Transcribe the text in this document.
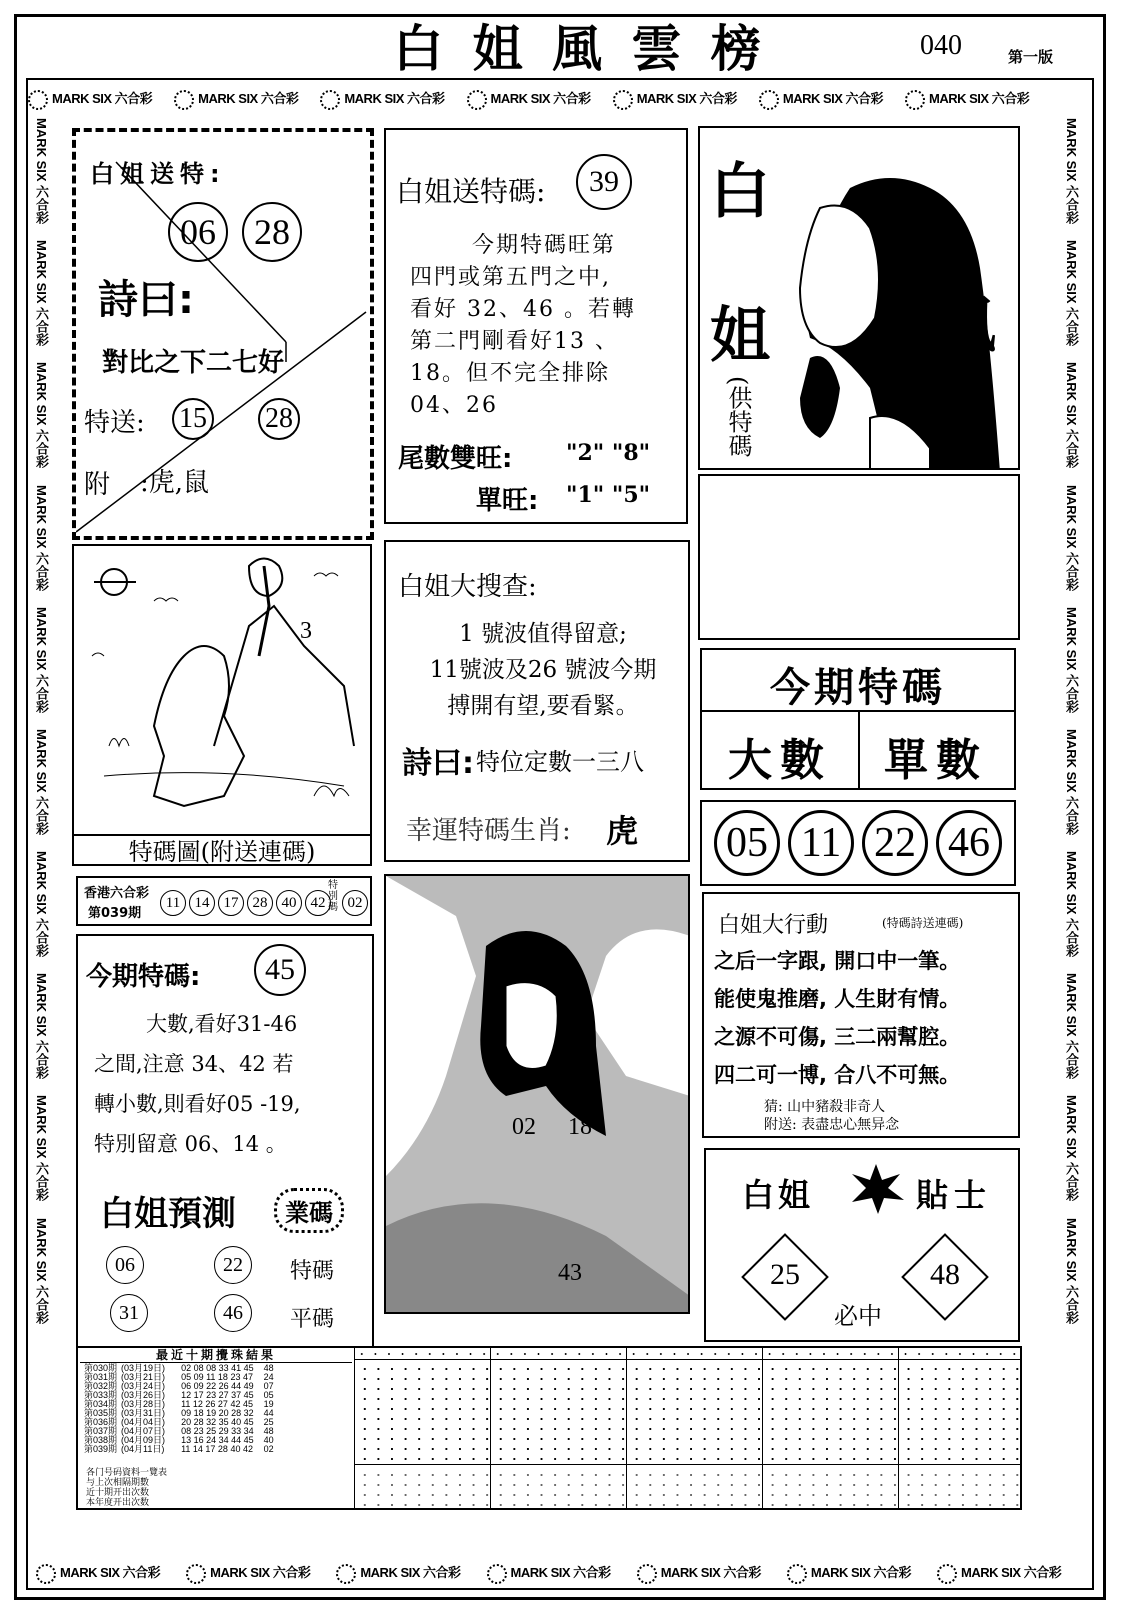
白 姐 風 雲 榜	040	第一版
MARK SIX 六合彩	MARK SIX 六合彩	MARK SIX 六合彩	MARK SIX 六合彩	MARK SIX 六合彩	MARK SIX 六合彩	MARK SIX 六合彩
MARK SIX 六合彩	MARK SIX 六合彩	MARK SIX 六合彩	MARK SIX 六合彩	MARK SIX 六合彩	MARK SIX 六合彩	MARK SIX 六合彩
MARK SIX 六合彩
MARK SIX 六合彩
MARK SIX 六合彩
MARK SIX 六合彩
MARK SIX 六合彩
MARK SIX 六合彩
MARK SIX 六合彩
MARK SIX 六合彩
MARK SIX 六合彩
MARK SIX 六合彩
MARK SIX 六合彩
MARK SIX 六合彩
MARK SIX 六合彩
MARK SIX 六合彩
MARK SIX 六合彩
MARK SIX 六合彩
MARK SIX 六合彩
MARK SIX 六合彩
MARK SIX 六合彩
MARK SIX 六合彩
白姐送特:
06	28
詩曰:
對比之下二七好
特送: 15 28
附 :虎,鼠
白姐送特碼:	39
今期特碼旺第
四門或第五門之中,
看好 32、46 。若轉
第二門剛看好13 、
18。但不完全排除
04、26
尾數雙旺: "2" "8"
單旺: "1" "5"
白
姐	風
雲
(供特碼
今期特碼
大數	單數
05 11 22 46
3
特碼圖(附送連碼)
白姐大搜查:
1 號波值得留意;
11號波及26 號波今期
搏開有望,要看緊。
詩曰: 特位定數一三八
幸運特碼生肖: 虎
香港六合彩
第039期
11 14 17 28 40 42
特別碼 02
今期特碼:	45
大數,看好31-46
之間,注意 34、42 若
轉小數,則看好05 -19,
特別留意 06、14 。
白姐預測	業碼
06	22	特碼
31	46	平碼
02 18
43
白姐大行動	(特碼詩送連碼)
之后一字跟, 開口中一筆。
能使鬼推磨, 人生財有情。
之源不可傷, 三二兩幫腔。
四二可一博, 合八不可無。
猜: 山中豬殺非奇人
附送: 表盡忠心無异念
白姐	貼士
25	48
必中
最近十期攪珠結果
第030期	(03月19日)	02 08 08 33 41 45	48
第031期	(03月21日)	05 09 11 18 23 47	24
第032期	(03月24日)	06 09 22 26 44 49	07
第033期	(03月26日)	12 17 23 27 37 45	05
第034期	(03月28日)	11 12 26 27 42 45	19
第035期	(03月31日)	09 18 19 20 28 32	44
第036期	(04月04日)	20 28 32 35 40 45	25
第037期	(04月07日)	08 23 25 29 33 34	48
第038期	(04月09日)	13 16 24 34 44 45	40
第039期	(04月11日)	11 14 17 28 40 42	02
各门号码資料一覽表
与上次相隔期數
近十期开出次数
本年度开出次数
